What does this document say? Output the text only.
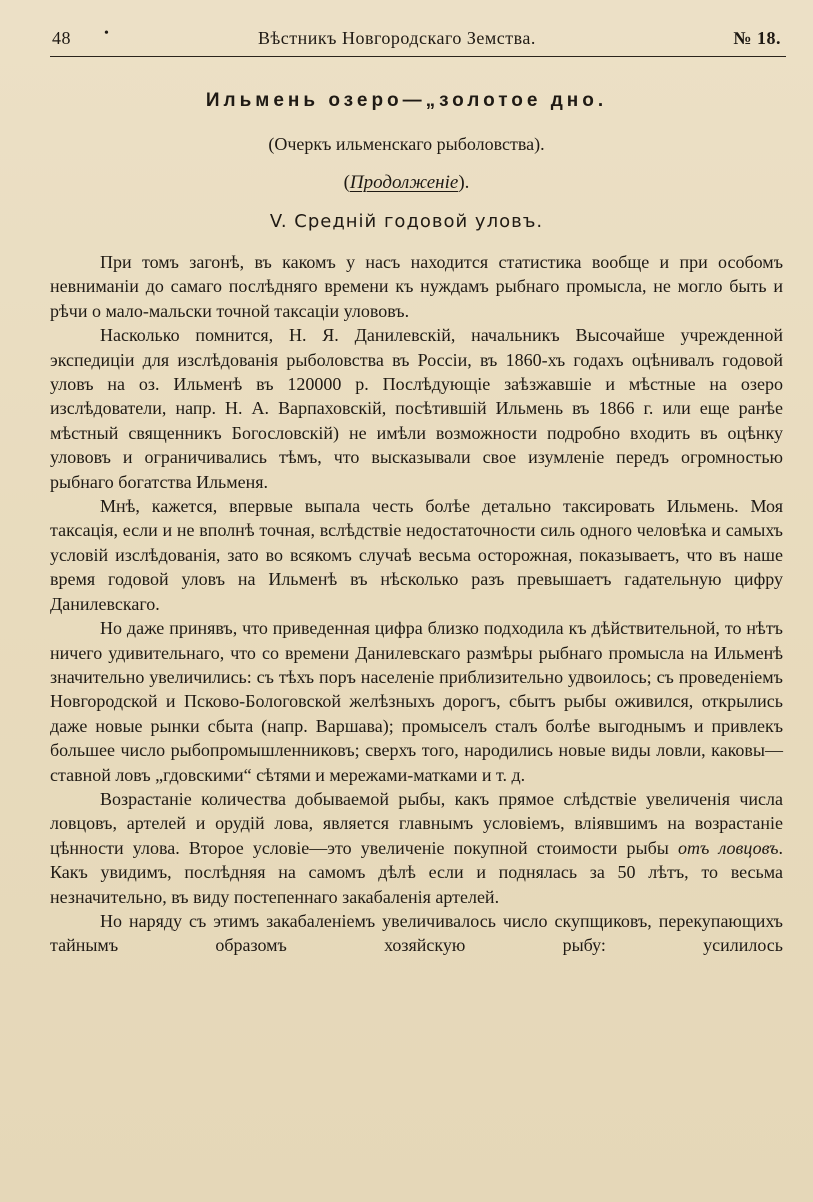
48 •	Вѣстникъ Новгородскаго Земства.	№ 18.
Ильмень озеро—„золотое дно.
(Очеркъ ильменскаго рыболовства).
(Продолженіе).
V. Среднiй годовой уловъ.

При томъ загонѣ, въ какомъ у насъ находится статистика вообще и при особомъ невниманіи до самаго послѣдняго времени къ нуждамъ рыбнаго промысла, не могло быть и рѣчи о мало-мальски точной таксаціи улововъ.

Насколько помнится, Н. Я. Данилевскій, начальникъ Высочайше учрежденной экспедиціи для изслѣдованія рыболовства въ Россіи, въ 1860-хъ годахъ оцѣнивалъ годовой уловъ на оз. Ильменѣ въ 120000 р. Послѣдующіе заѣзжавшіе и мѣстные на озеро изслѣдователи, напр. Н. А. Варпаховскій, посѣтившій Ильмень въ 1866 г. или еще ранѣе мѣстный священникъ Богословскій) не имѣли возможности подробно входить въ оцѣнку улововъ и ограничивались тѣмъ, что высказывали свое изумленіе передъ огромностью рыбнаго богатства Ильменя.

Мнѣ, кажется, впервые выпала честь болѣе детально таксировать Ильмень. Моя таксація, если и не вполнѣ точная, вслѣдствіе недостаточности силь одного человѣка и самыхъ условій изслѣдованія, зато во всякомъ случаѣ весьма осторожная, показываетъ, что въ наше время годовой уловъ на Ильменѣ въ нѣсколько разъ превышаетъ гадательную цифру Данилевскаго.

Но даже принявъ, что приведенная цифра близко подходила къ дѣйствительной, то нѣтъ ничего удивительнаго, что со времени Данилевскаго размѣры рыбнаго промысла на Ильменѣ значительно увеличились: съ тѣхъ поръ населеніе приблизительно удвоилось; съ проведеніемъ Новгородской и Псково-Бологовской желѣзныхъ дорогъ, сбытъ рыбы оживился, открылись даже новые рынки сбыта (напр. Варшава); промыселъ сталъ болѣе выгоднымъ и привлекъ большее число рыбопромышленниковъ; сверхъ того, народились новые виды ловли, каковы—ставной ловъ „гдовскими“ сѣтями и мережами-матками и т. д.

Возрастаніе количества добываемой рыбы, какъ прямое слѣдствіе увеличенія числа ловцовъ, артелей и орудій лова, является главнымъ условіемъ, вліявшимъ на возрастаніе цѣнности улова. Второе условіе—это увеличеніе покупной стоимости рыбы отъ ловцовъ. Какъ увидимъ, послѣдняя на самомъ дѣлѣ если и поднялась за 50 лѣтъ, то весьма незначительно, въ виду постепеннаго закабаленія артелей.

Но наряду съ этимъ закабаленіемъ увеличивалось число скупщиковъ, перекупающихъ тайнымъ образомъ хозяйскую рыбу: усилилось
